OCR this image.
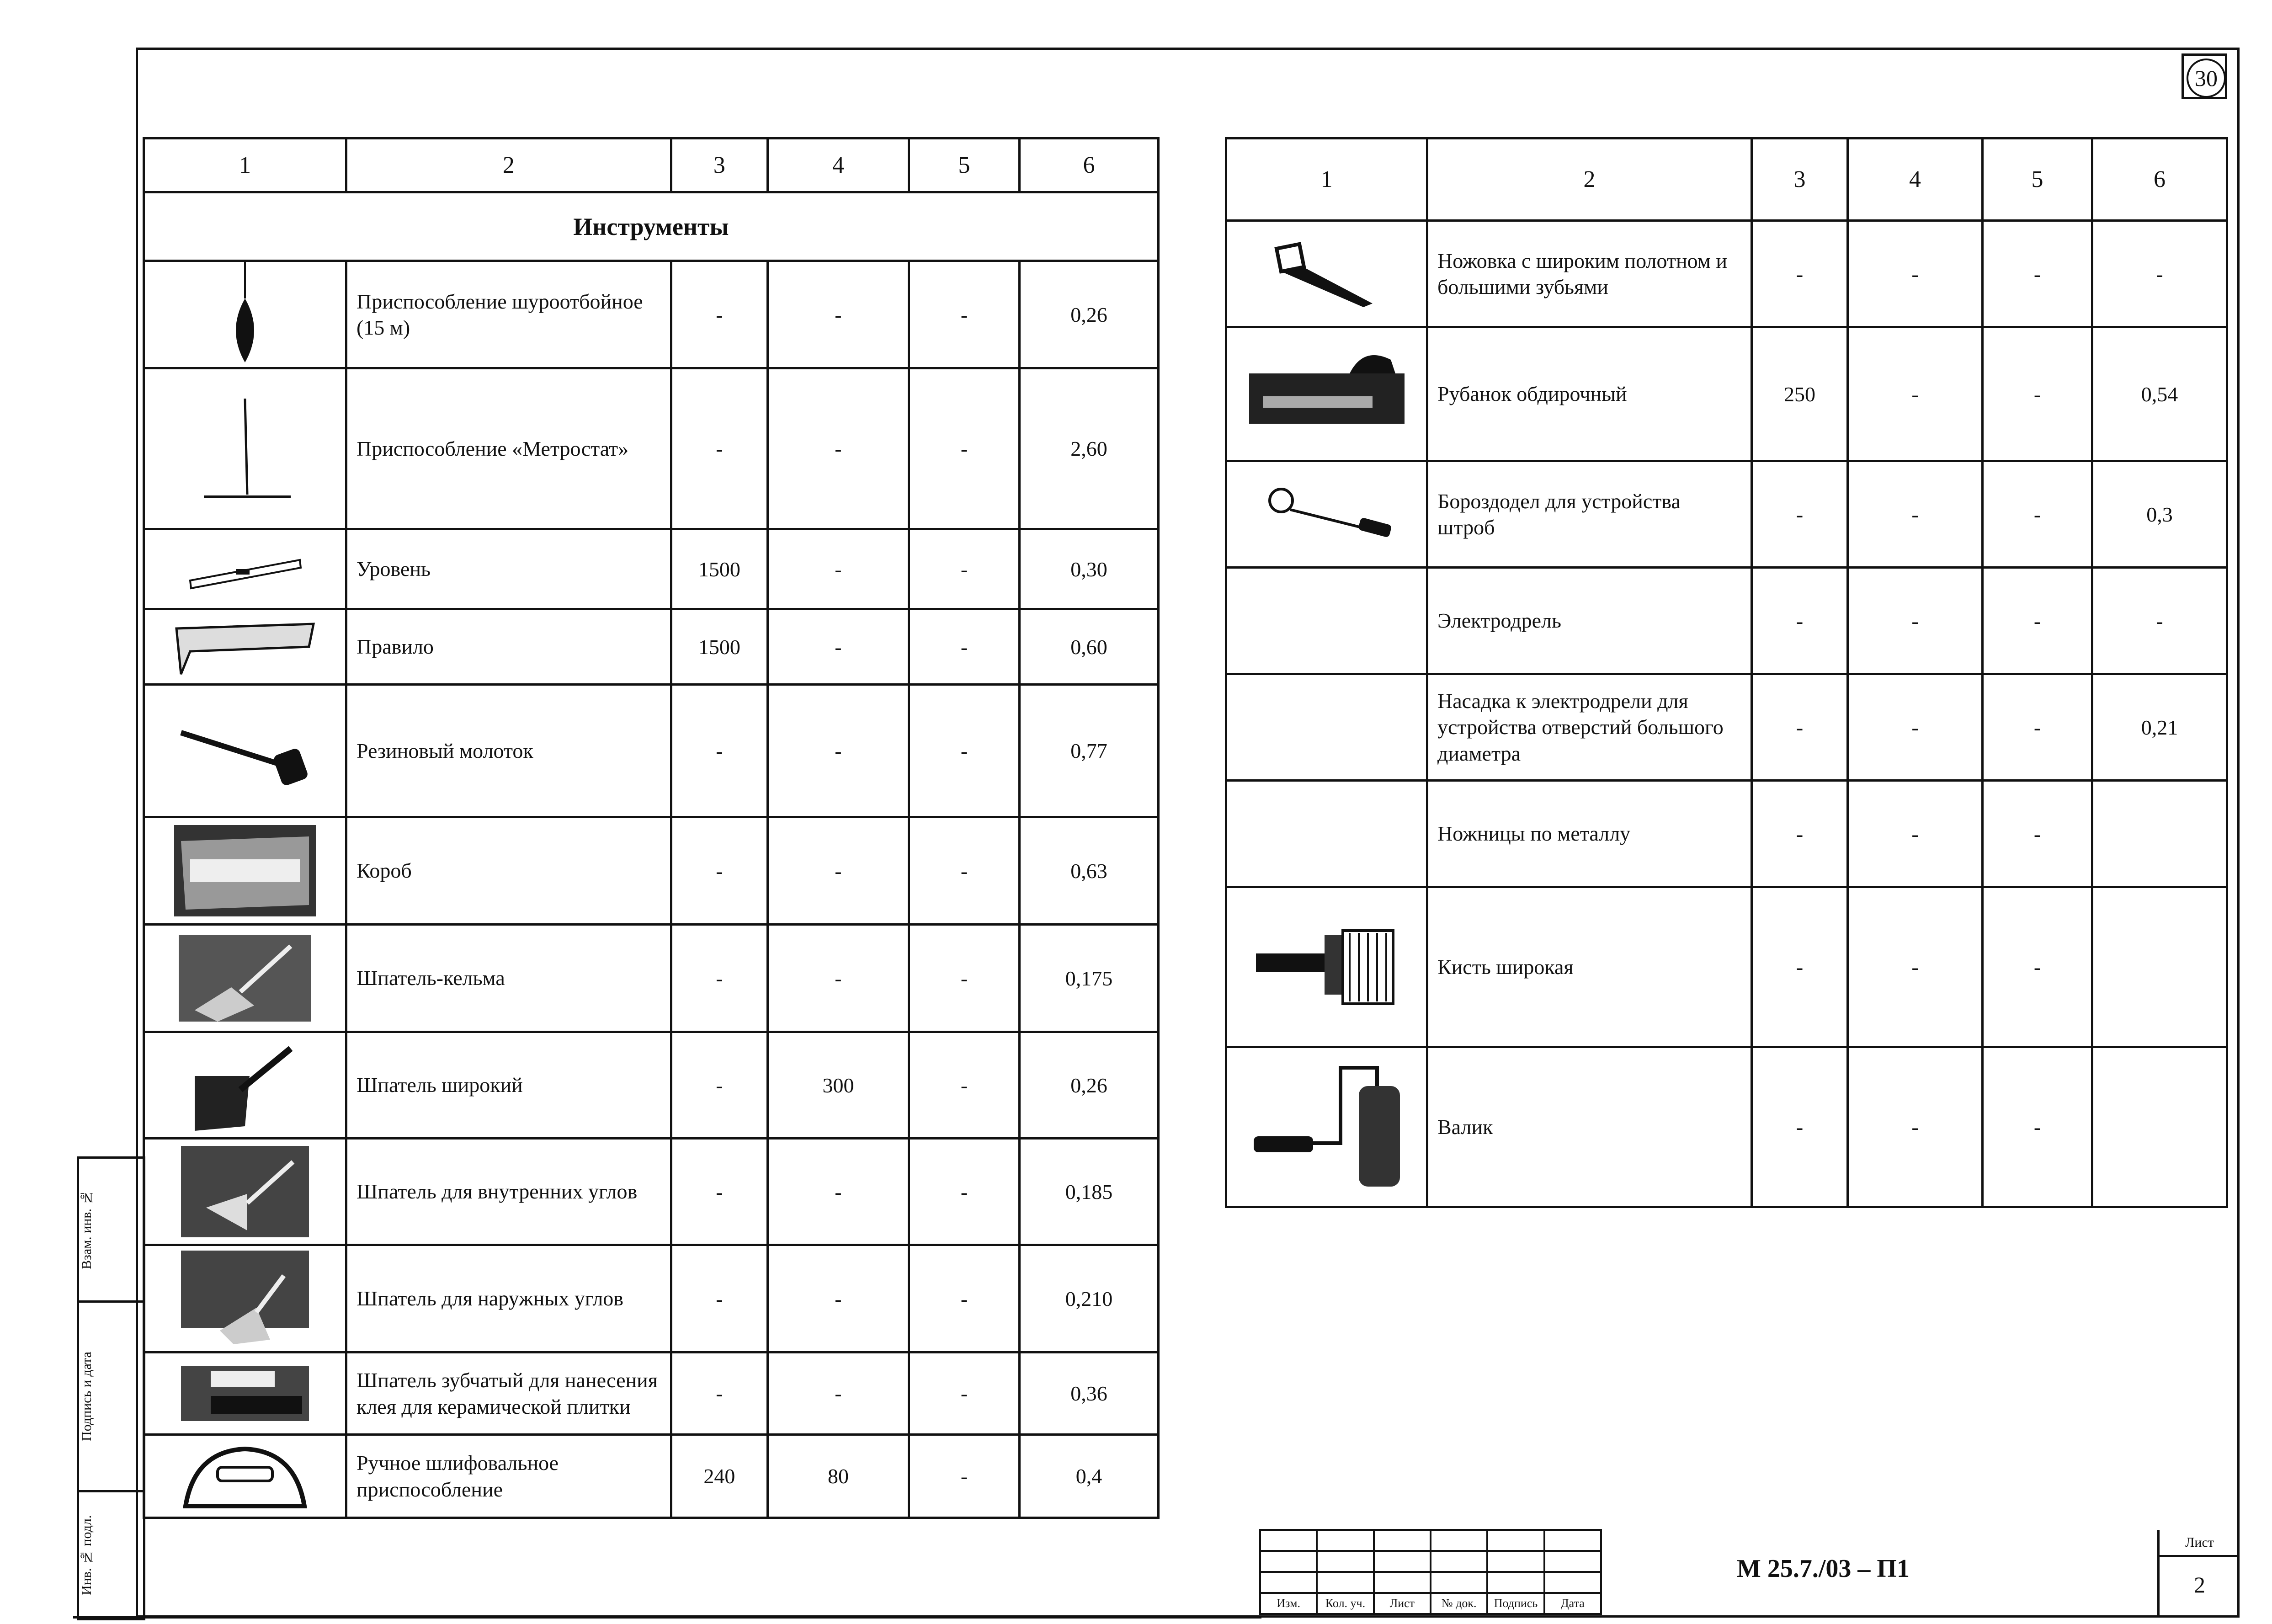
30
1	2	3	4	5	6
Инструменты					

	Приспособление шуроотбойное (15 м)	-	-	-	0,26

	Приспособление «Метростат»	-	-	-	2,60

	Уровень	1500	-	-	0,30

	Правило	1500	-	-	0,60

	Резиновый молоток	-	-	-	0,77

	Короб	-	-	-	0,63

	Шпатель-кельма	-	-	-	0,175

	Шпатель широкий	-	300	-	0,26

	Шпатель для внутренних углов	-	-	-	0,185

	Шпатель для наружных углов	-	-	-	0,210

	Шпатель зубчатый для нанесения клея для керамической плитки	-	-	-	0,36

	Ручное шлифовальное приспособление	240	80	-	0,4
1	2	3	4	5	6

	Ножовка с широким полотном и большими зубьями	-	-	-	-

	Рубанок обдирочный	250	-	-	0,54

	Бороздодел для устройства штроб	-	-	-	0,3
	Электродрель	-	-	-	-
	Насадка к электродрели для устройства отверстий большого диаметра	-	-	-	0,21
	Ножницы по металлу	-	-	-	

	Кисть широкая	-	-	-	

	Валик	-	-	-	
Взам. инв. №
Подпись и дата
Инв. № подл.

Изм.	Кол. уч.	Лист	№ док.	Подпись	Дата
М 25.7./03 – П1
Лист
2
